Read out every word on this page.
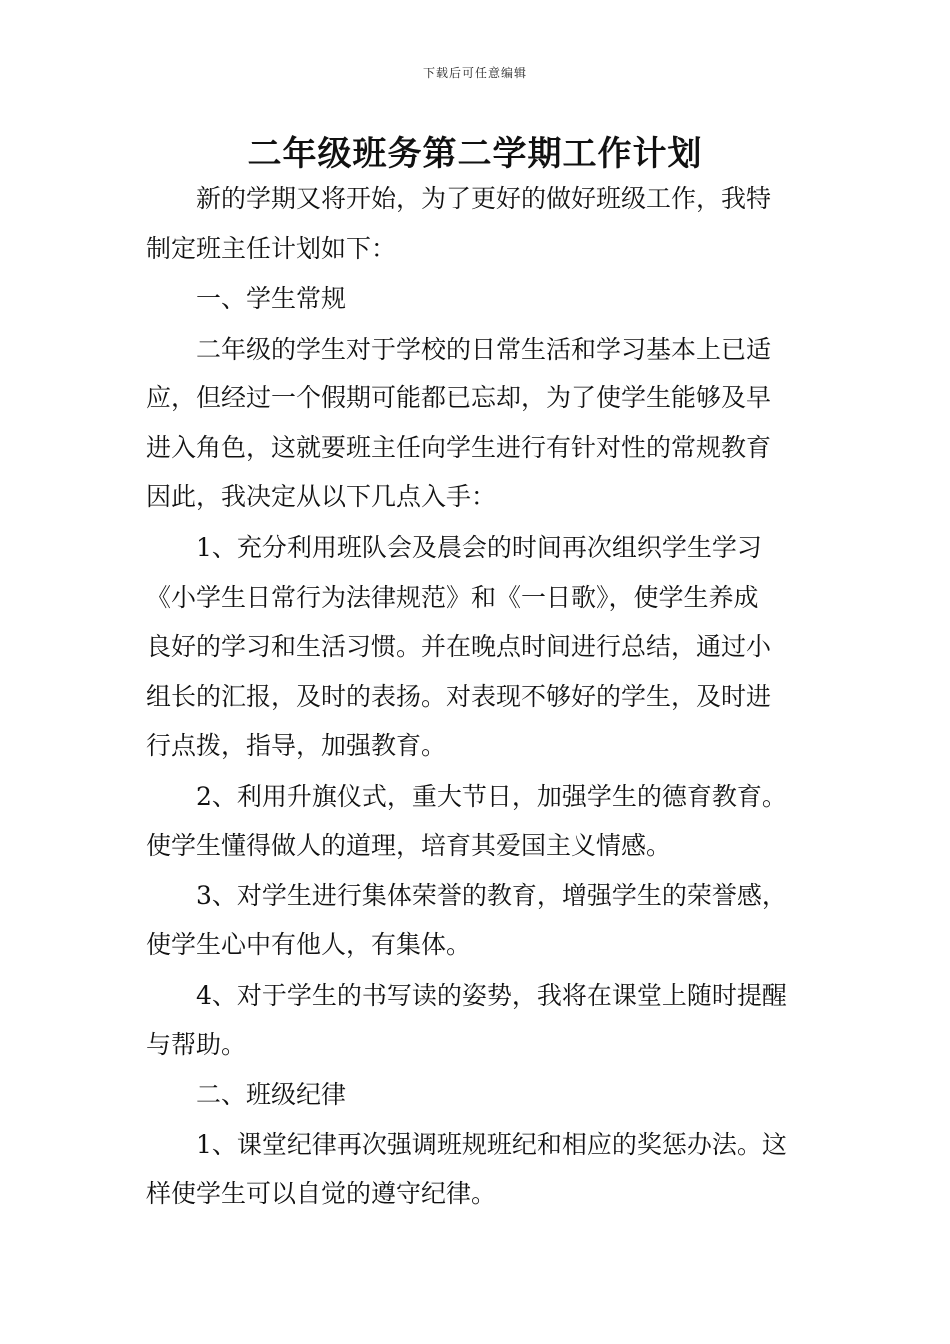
下载后可任意编辑
二年级班务第二学期工作计划

　　新的学期又将开始，为了更好的做好班级工作，我特

制定班主任计划如下：

　　一、学生常规

　　二年级的学生对于学校的日常生活和学习基本上已适

应，但经过一个假期可能都已忘却，为了使学生能够及早

进入角色，这就要班主任向学生进行有针对性的常规教育

因此，我决定从以下几点入手：

　　1、充分利用班队会及晨会的时间再次组织学生学习

《小学生日常行为法律规范》和《一日歌》，使学生养成

良好的学习和生活习惯。并在晚点时间进行总结，通过小

组长的汇报，及时的表扬。对表现不够好的学生，及时进

行点拨，指导，加强教育。

　　2、利用升旗仪式，重大节日，加强学生的德育教育。

使学生懂得做人的道理，培育其爱国主义情感。

　　3、对学生进行集体荣誉的教育，增强学生的荣誉感，

使学生心中有他人，有集体。

　　4、对于学生的书写读的姿势，我将在课堂上随时提醒

与帮助。

　　二、班级纪律

　　1、课堂纪律再次强调班规班纪和相应的奖惩办法。这

样使学生可以自觉的遵守纪律。
